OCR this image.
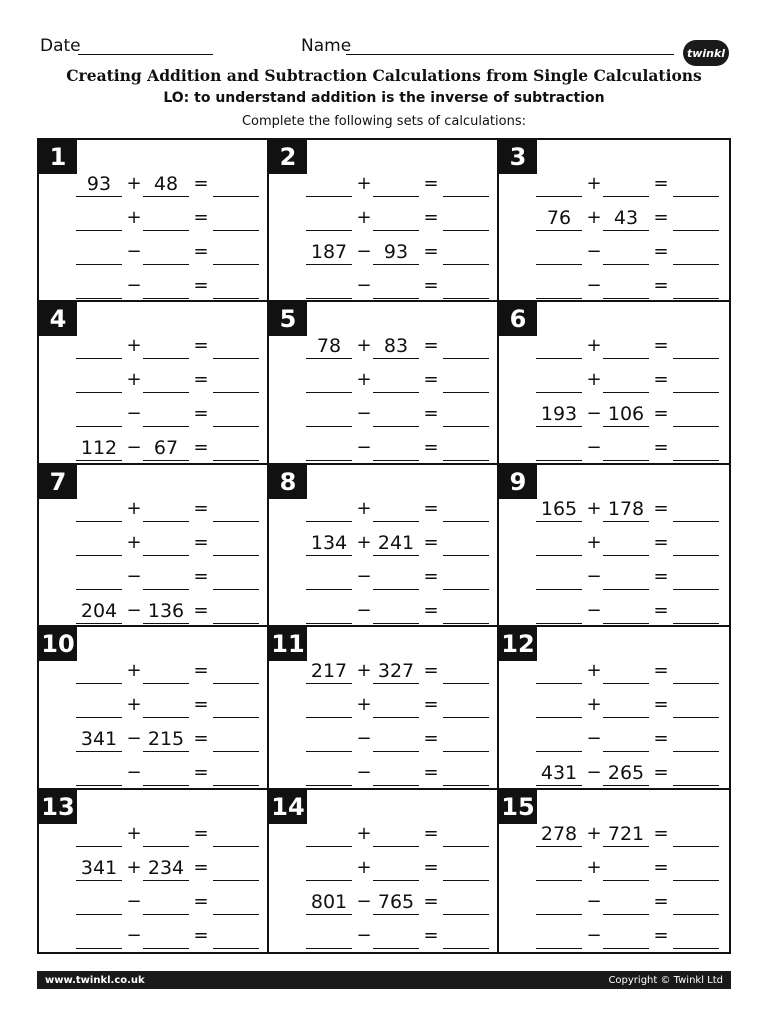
Date	Name	twinkl
Creating Addition and Subtraction Calculations from Single Calculations
LO: to understand addition is the inverse of subtraction
Complete the following sets of calculations:
1
93 + 48 =
+	=
−	=
−	=
2
+	=
+	=
187 − 93 =
−	=
3
+	=
76 + 43 =
−	=
−	=
4
+	=
+	=
−	=
112 − 67 =
5
78 + 83 =
+	=
−	=
−	=
6
+	=
+	=
193 − 106 =
−	=
7
+	=
+	=
−	=
204 − 136 =
8
+	=
134 + 241 =
−	=
−	=
9
165 + 178 =
+	=
−	=
−	=
10
+	=
+	=
341 − 215 =
−	=
11
217 + 327 =
+	=
−	=
−	=
12
+	=
+	=
−	=
431 − 265 =
13
+	=
341 + 234 =
−	=
−	=
14
+	=
+	=
801 − 765 =
−	=
15
278 + 721 =
+	=
−	=
−	=
www.twinkl.co.uk	Copyright © Twinkl Ltd
